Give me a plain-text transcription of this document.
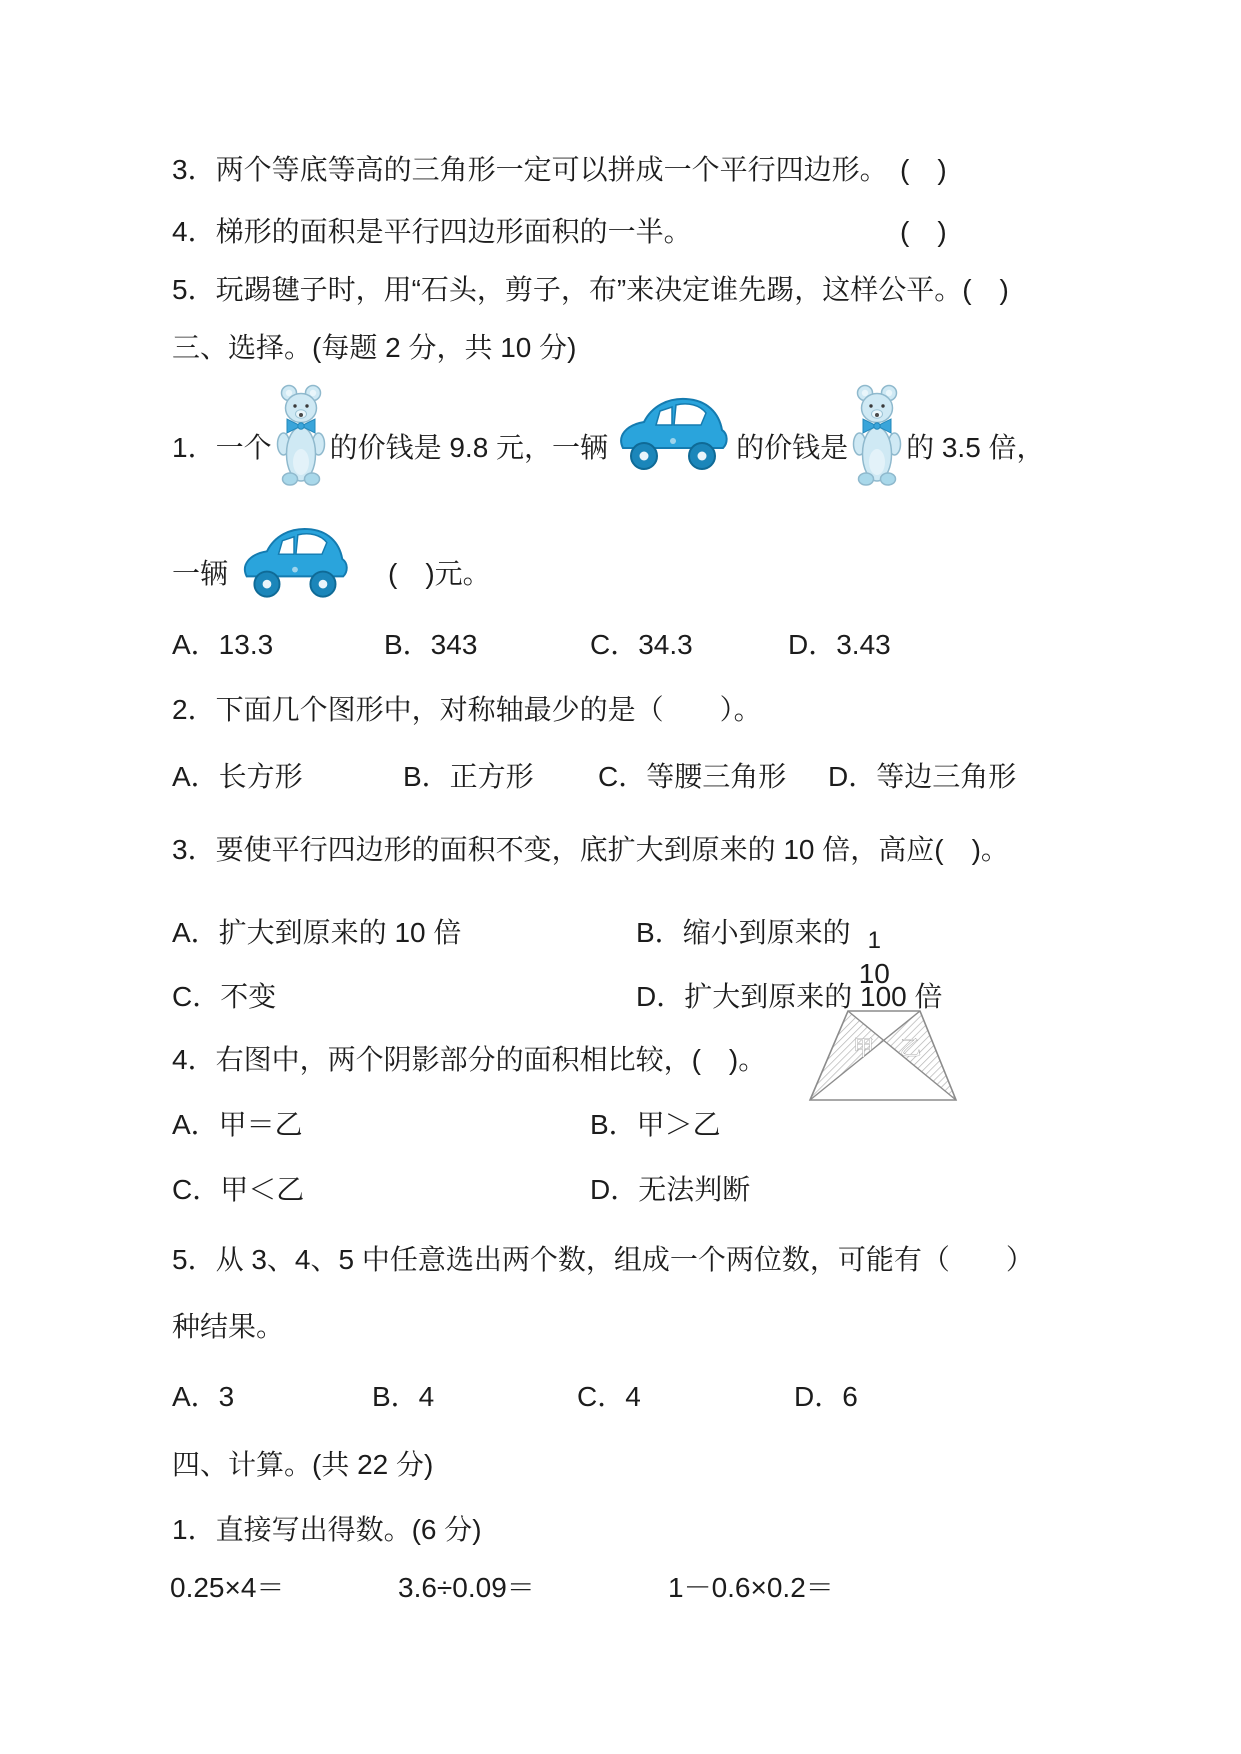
3．两个等底等高的三角形一定可以拼成一个平行四边形。 (　)
4．梯形的面积是平行四边形面积的一半。	(　)
5．玩踢毽子时，用“石头，剪子，布”来决定谁先踢，这样公平。(　)
三、选择。(每题 2 分，共 10 分)
1．一个 的价钱是 9.8 元，一辆	的价钱是 的 3.5 倍，
一辆	(　)元。
A．13.3	B．343	C．34.3	D．3.43
2．下面几个图形中，对称轴最少的是（　　）。
A．长方形	B．正方形 C．等腰三角形 D．等边三角形
3．要使平行四边形的面积不变，底扩大到原来的 10 倍，高应(　)。
A．扩大到原来的 10 倍	B．缩小到原来的 1
10
C．不变	D．扩大到原来的 100 倍
4．右图中，两个阴影部分的面积相比较，(　)。	甲 乙
A．甲＝乙	B．甲＞乙
C．甲＜乙	D．无法判断
5．从 3、4、5 中任意选出两个数，组成一个两位数，可能有（　　）
种结果。
A．3	B．4	C．4	D．6
四、计算。(共 22 分)
1．直接写出得数。(6 分)
0.25×4＝	3.6÷0.09＝	1－0.6×0.2＝
